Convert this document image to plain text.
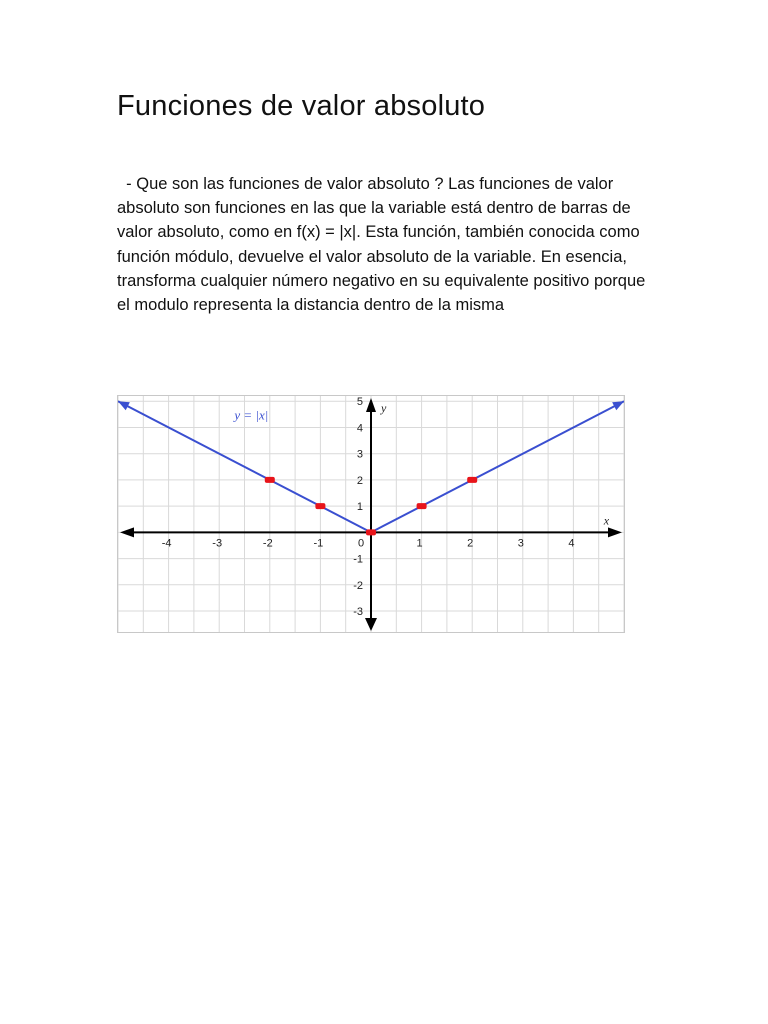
Funciones de valor absoluto

- Que son las funciones de valor absoluto ? Las funciones de valor absoluto son funciones en las que la variable está dentro de barras de valor absoluto, como en f(x) = |x|. Esta función, también conocida como función módulo, devuelve el valor absoluto de la variable. En esencia, transforma cualquier número negativo en su equivalente positivo porque el modulo representa la distancia dentro de la misma

-4	-3	-2	-1	0	1	2	3	4
-3
-2
-1
1
2
3
4
5
x
y
y = |x|
